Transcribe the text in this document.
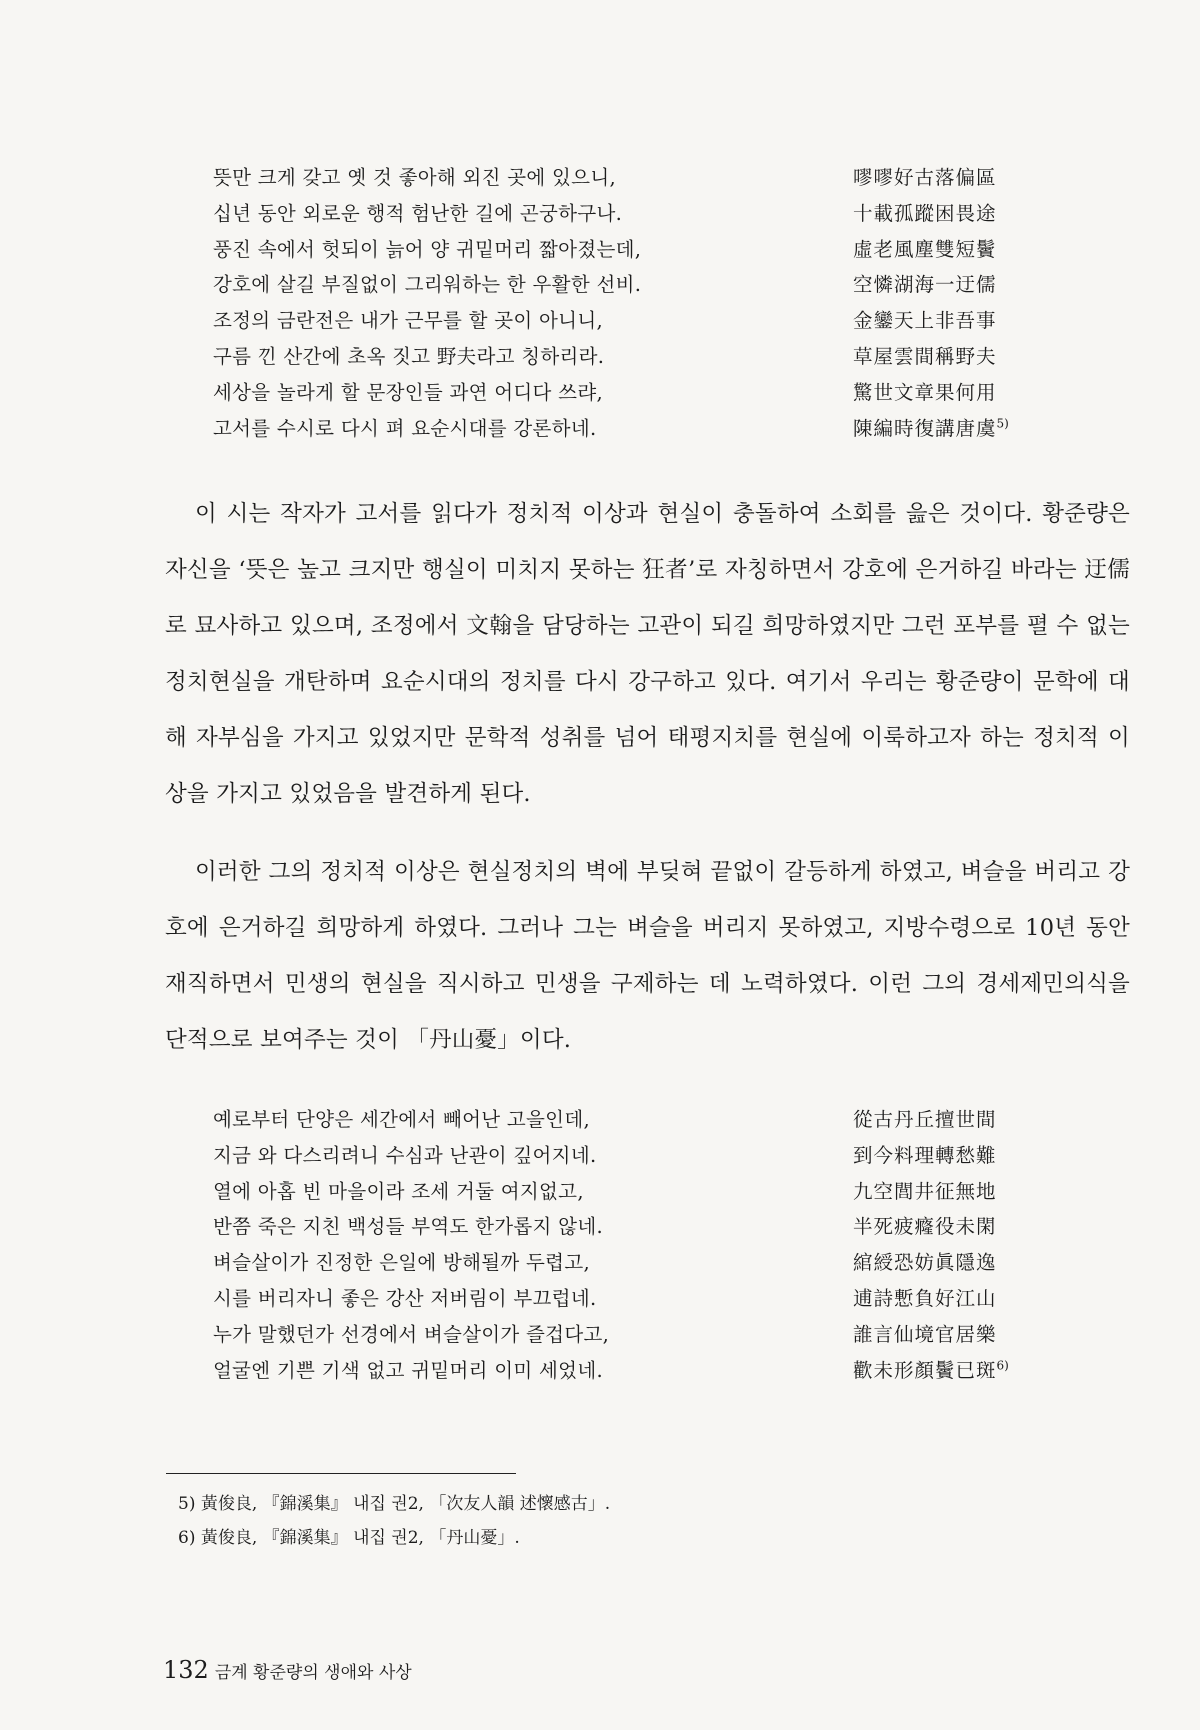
뜻만 크게 갖고 옛 것 좋아해 외진 곳에 있으니,	嘐嘐好古落偏區
십년 동안 외로운 행적 험난한 길에 곤궁하구나.	十載孤蹤困畏途
풍진 속에서 헛되이 늙어 양 귀밑머리 짧아졌는데,	虛老風塵雙短鬢
강호에 살길 부질없이 그리워하는 한 우활한 선비.	空憐湖海一迂儒
조정의 금란전은 내가 근무를 할 곳이 아니니,	金鑾天上非吾事
구름 낀 산간에 초옥 짓고 野夫라고 칭하리라.	草屋雲間稱野夫
세상을 놀라게 할 문장인들 과연 어디다 쓰랴,	驚世文章果何用
고서를 수시로 다시 펴 요순시대를 강론하네.	陳編時復講唐虞$^{5)}$

이 시는 작자가 고서를 읽다가 정치적 이상과 현실이 충돌하여 소회를 읊은 것이다. 황준량은 자신을 ‘뜻은 높고 크지만 행실이 미치지 못하는 狂者’로 자칭하면서 강호에 은거하길 바라는 迂儒로 묘사하고 있으며, 조정에서 文翰을 담당하는 고관이 되길 희망하였지만 그런 포부를 펼 수 없는 정치현실을 개탄하며 요순시대의 정치를 다시 강구하고 있다. 여기서 우리는 황준량이 문학에 대해 자부심을 가지고 있었지만 문학적 성취를 넘어 태평지치를 현실에 이룩하고자 하는 정치적 이상을 가지고 있었음을 발견하게 된다.

이러한 그의 정치적 이상은 현실정치의 벽에 부딪혀 끝없이 갈등하게 하였고, 벼슬을 버리고 강호에 은거하길 희망하게 하였다. 그러나 그는 벼슬을 버리지 못하였고, 지방수령으로 10년 동안 재직하면서 민생의 현실을 직시하고 민생을 구제하는 데 노력하였다. 이런 그의 경세제민의식을 단적으로 보여주는 것이 「丹山憂」이다.

예로부터 단양은 세간에서 빼어난 고을인데,	從古丹丘擅世間
지금 와 다스리려니 수심과 난관이 깊어지네.	到今料理轉愁難
열에 아홉 빈 마을이라 조세 거둘 여지없고,	九空閭井征無地
반쯤 죽은 지친 백성들 부역도 한가롭지 않네.	半死疲癃役未閑
벼슬살이가 진정한 은일에 방해될까 두렵고,	綰綬恐妨眞隱逸
시를 버리자니 좋은 강산 저버림이 부끄럽네.	逋詩慙負好江山
누가 말했던가 선경에서 벼슬살이가 즐겁다고,	誰言仙境官居樂
얼굴엔 기쁜 기색 없고 귀밑머리 이미 세었네.	歡未形顏鬢已斑$^{6)}$
5) 黃俊良, 『錦溪集』 내집 권2, 「次友人韻 述懷感古」.
6) 黃俊良, 『錦溪集』 내집 권2, 「丹山憂」.
132 금계 황준량의 생애와 사상
